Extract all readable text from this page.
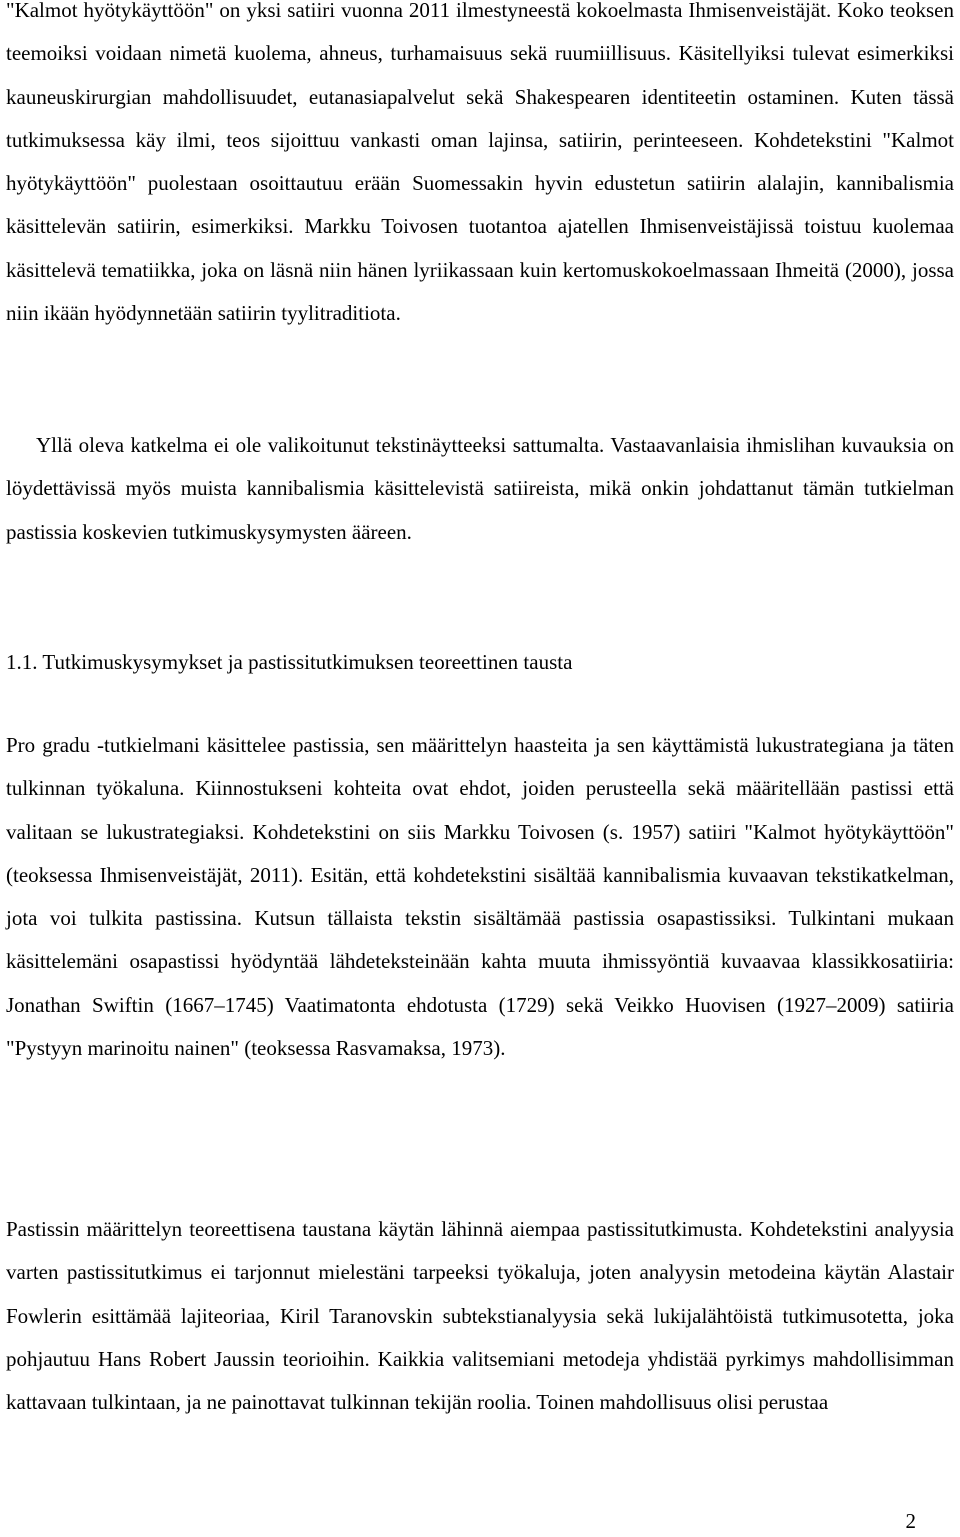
"Kalmot hyötykäyttöön" on yksi satiiri vuonna 2011 ilmestyneestä kokoelmasta Ihmisenveistäjät. Koko teoksen teemoiksi voidaan nimetä kuolema, ahneus, turhamaisuus sekä ruumiillisuus. Käsitellyiksi tulevat esimerkiksi kauneuskirurgian mahdollisuudet, eutanasiapalvelut sekä Shakespearen identiteetin ostaminen. Kuten tässä tutkimuksessa käy ilmi, teos sijoittuu vankasti oman lajinsa, satiirin, perinteeseen. Kohdetekstini "Kalmot hyötykäyttöön" puolestaan osoittautuu erään Suomessakin hyvin edustetun satiirin alalajin, kannibalismia käsittelevän satiirin, esimerkiksi. Markku Toivosen tuotantoa ajatellen Ihmisenveistäjissä toistuu kuolemaa käsittelevä tematiikka, joka on läsnä niin hänen lyriikassaan kuin kertomuskokoelmassaan Ihmeitä (2000), jossa niin ikään hyödynnetään satiirin tyylitraditiota.

Yllä oleva katkelma ei ole valikoitunut tekstinäytteeksi sattumalta. Vastaavanlaisia ihmislihan kuvauksia on löydettävissä myös muista kannibalismia käsittelevistä satiireista, mikä onkin johdattanut tämän tutkielman pastissia koskevien tutkimuskysymysten ääreen.

1.1. Tutkimuskysymykset ja pastissitutkimuksen teoreettinen tausta

Pro gradu -tutkielmani käsittelee pastissia, sen määrittelyn haasteita ja sen käyttämistä lukustrategiana ja täten tulkinnan työkaluna. Kiinnostukseni kohteita ovat ehdot, joiden perusteella sekä määritellään pastissi että valitaan se lukustrategiaksi. Kohdetekstini on siis Markku Toivosen (s. 1957) satiiri "Kalmot hyötykäyttöön" (teoksessa Ihmisenveistäjät, 2011). Esitän, että kohdetekstini sisältää kannibalismia kuvaavan tekstikatkelman, jota voi tulkita pastissina. Kutsun tällaista tekstin sisältämää pastissia osapastissiksi. Tulkintani mukaan käsittelemäni osapastissi hyödyntää lähdeteksteinään kahta muuta ihmissyöntiä kuvaavaa klassikkosatiiria: Jonathan Swiftin (1667–1745) Vaatimatonta ehdotusta (1729) sekä Veikko Huovisen (1927–2009) satiiria "Pystyyn marinoitu nainen" (teoksessa Rasvamaksa, 1973).

Pastissin määrittelyn teoreettisena taustana käytän lähinnä aiempaa pastissitutkimusta. Kohdetekstini analyysia varten pastissitutkimus ei tarjonnut mielestäni tarpeeksi työkaluja, joten analyysin metodeina käytän Alastair Fowlerin esittämää lajiteoriaa, Kiril Taranovskin subtekstianalyysia sekä lukijalähtöistä tutkimusotetta, joka pohjautuu Hans Robert Jaussin teorioihin. Kaikkia valitsemiani metodeja yhdistää pyrkimys mahdollisimman kattavaan tulkintaan, ja ne painottavat tulkinnan tekijän roolia. Toinen mahdollisuus olisi perustaa

2
